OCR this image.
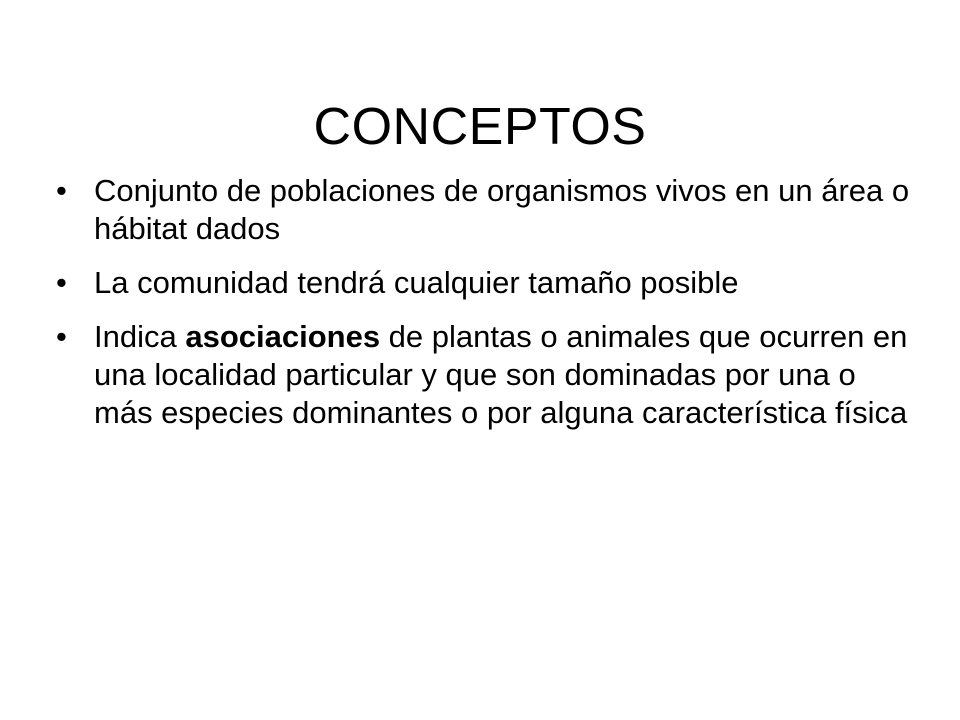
CONCEPTOS
• Conjunto de poblaciones de organismos vivos en un área o hábitat dados
• La comunidad tendrá cualquier tamaño posible
• Indica asociaciones de plantas o animales que ocurren en una localidad particular y que son dominadas por una o más especies dominantes o por alguna característica física
